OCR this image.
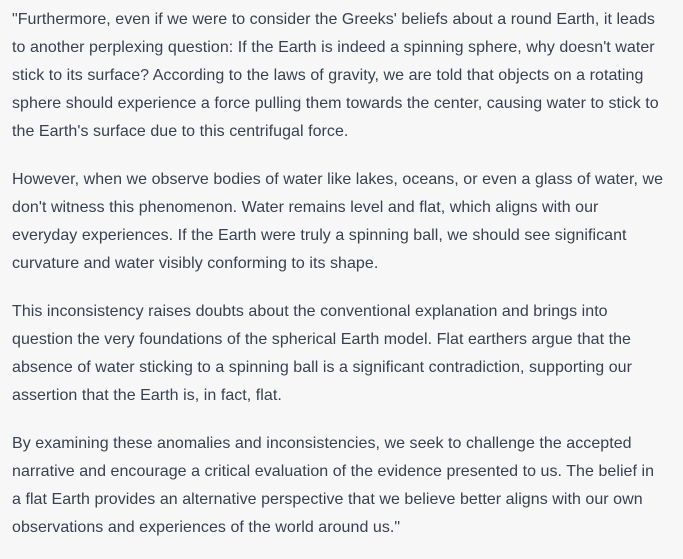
"Furthermore, even if we were to consider the Greeks' beliefs about a round Earth, it leads to another perplexing question: If the Earth is indeed a spinning sphere, why doesn't water stick to its surface? According to the laws of gravity, we are told that objects on a rotating sphere should experience a force pulling them towards the center, causing water to stick to the Earth's surface due to this centrifugal force.

However, when we observe bodies of water like lakes, oceans, or even a glass of water, we don't witness this phenomenon. Water remains level and flat, which aligns with our everyday experiences. If the Earth were truly a spinning ball, we should see significant curvature and water visibly conforming to its shape.

This inconsistency raises doubts about the conventional explanation and brings into question the very foundations of the spherical Earth model. Flat earthers argue that the absence of water sticking to a spinning ball is a significant contradiction, supporting our assertion that the Earth is, in fact, flat.

By examining these anomalies and inconsistencies, we seek to challenge the accepted narrative and encourage a critical evaluation of the evidence presented to us. The belief in a flat Earth provides an alternative perspective that we believe better aligns with our own observations and experiences of the world around us."
